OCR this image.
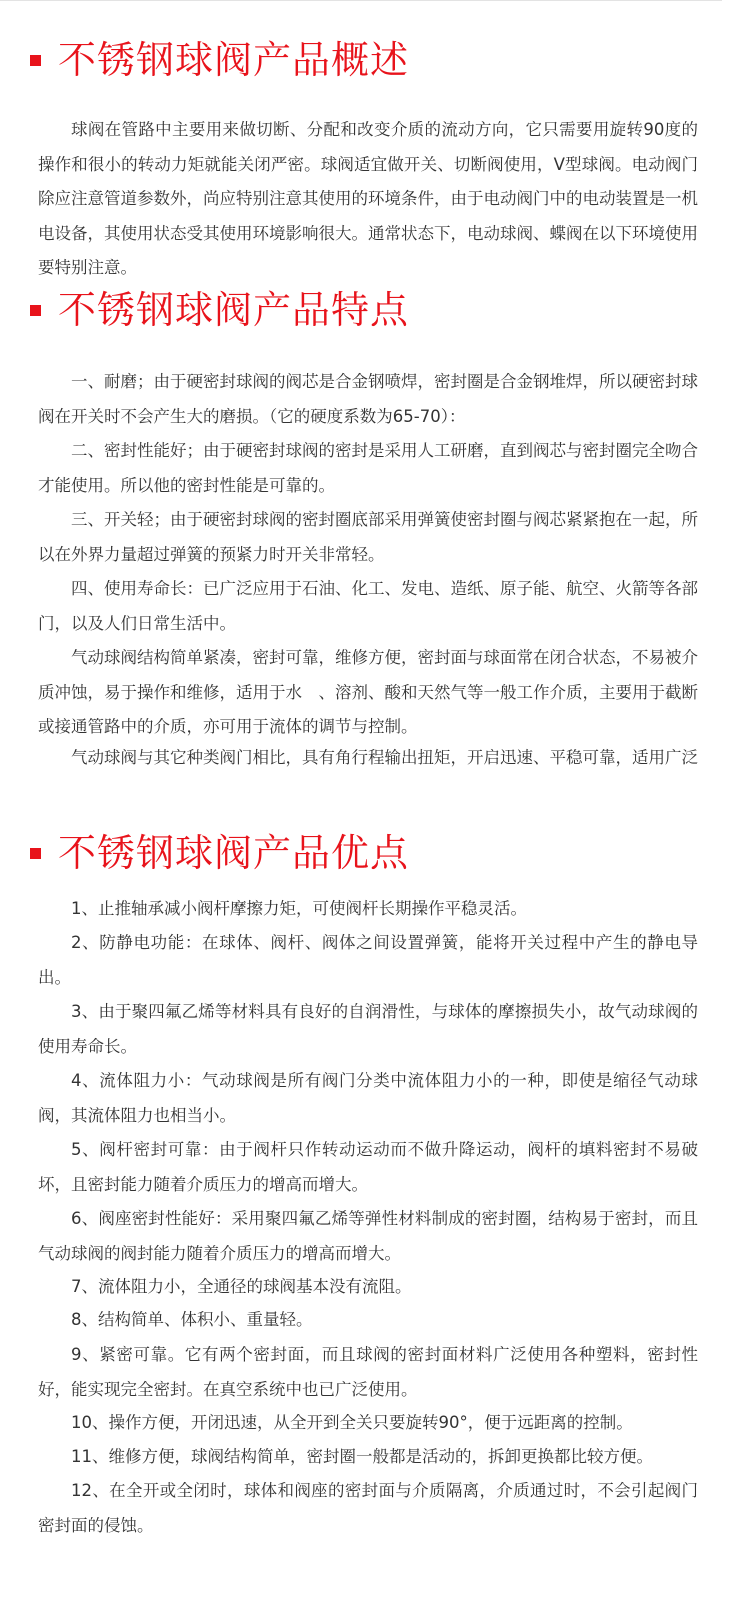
不锈钢球阀产品概述

球阀在管路中主要用来做切断、分配和改变介质的流动方向，它只需要用旋转90度的操作和很小的转动力矩就能关闭严密。球阀适宜做开关、切断阀使用，V型球阀。电动阀门除应注意管道参数外，尚应特别注意其使用的环境条件，由于电动阀门中的电动装置是一机电设备，其使用状态受其使用环境影响很大。通常状态下，电动球阀、蝶阀在以下环境使用要特别注意。

不锈钢球阀产品特点

一、耐磨；由于硬密封球阀的阀芯是合金钢喷焊，密封圈是合金钢堆焊，所以硬密封球阀在开关时不会产生大的磨损。（它的硬度系数为65-70）：

二、密封性能好；由于硬密封球阀的密封是采用人工研磨，直到阀芯与密封圈完全吻合才能使用。所以他的密封性能是可靠的。

三、开关轻；由于硬密封球阀的密封圈底部采用弹簧使密封圈与阀芯紧紧抱在一起，所以在外界力量超过弹簧的预紧力时开关非常轻。

四、使用寿命长：已广泛应用于石油、化工、发电、造纸、原子能、航空、火箭等各部门，以及人们日常生活中。

气动球阀结构简单紧凑，密封可靠，维修方便，密封面与球面常在闭合状态，不易被介质冲蚀，易于操作和维修，适用于水　、溶剂、酸和天然气等一般工作介质，主要用于截断或接通管路中的介质，亦可用于流体的调节与控制。

气动球阀与其它种类阀门相比，具有角行程输出扭矩，开启迅速、平稳可靠，适用广泛

不锈钢球阀产品优点

1、止推轴承减小阀杆摩擦力矩，可使阀杆长期操作平稳灵活。

2、防静电功能：在球体、阀杆、阀体之间设置弹簧，能将开关过程中产生的静电导出。

3、由于聚四氟乙烯等材料具有良好的自润滑性，与球体的摩擦损失小，故气动球阀的使用寿命长。

4、流体阻力小：气动球阀是所有阀门分类中流体阻力小的一种，即使是缩径气动球阀，其流体阻力也相当小。

5、阀杆密封可靠：由于阀杆只作转动运动而不做升降运动，阀杆的填料密封不易破坏，且密封能力随着介质压力的增高而增大。

6、阀座密封性能好：采用聚四氟乙烯等弹性材料制成的密封圈，结构易于密封，而且气动球阀的阀封能力随着介质压力的增高而增大。

7、流体阻力小，全通径的球阀基本没有流阻。

8、结构简单、体积小、重量轻。

9、紧密可靠。它有两个密封面，而且球阀的密封面材料广泛使用各种塑料，密封性好，能实现完全密封。在真空系统中也已广泛使用。

10、操作方便，开闭迅速，从全开到全关只要旋转90°，便于远距离的控制。

11、维修方便，球阀结构简单，密封圈一般都是活动的，拆卸更换都比较方便。

12、在全开或全闭时，球体和阀座的密封面与介质隔离，介质通过时，不会引起阀门密封面的侵蚀。
